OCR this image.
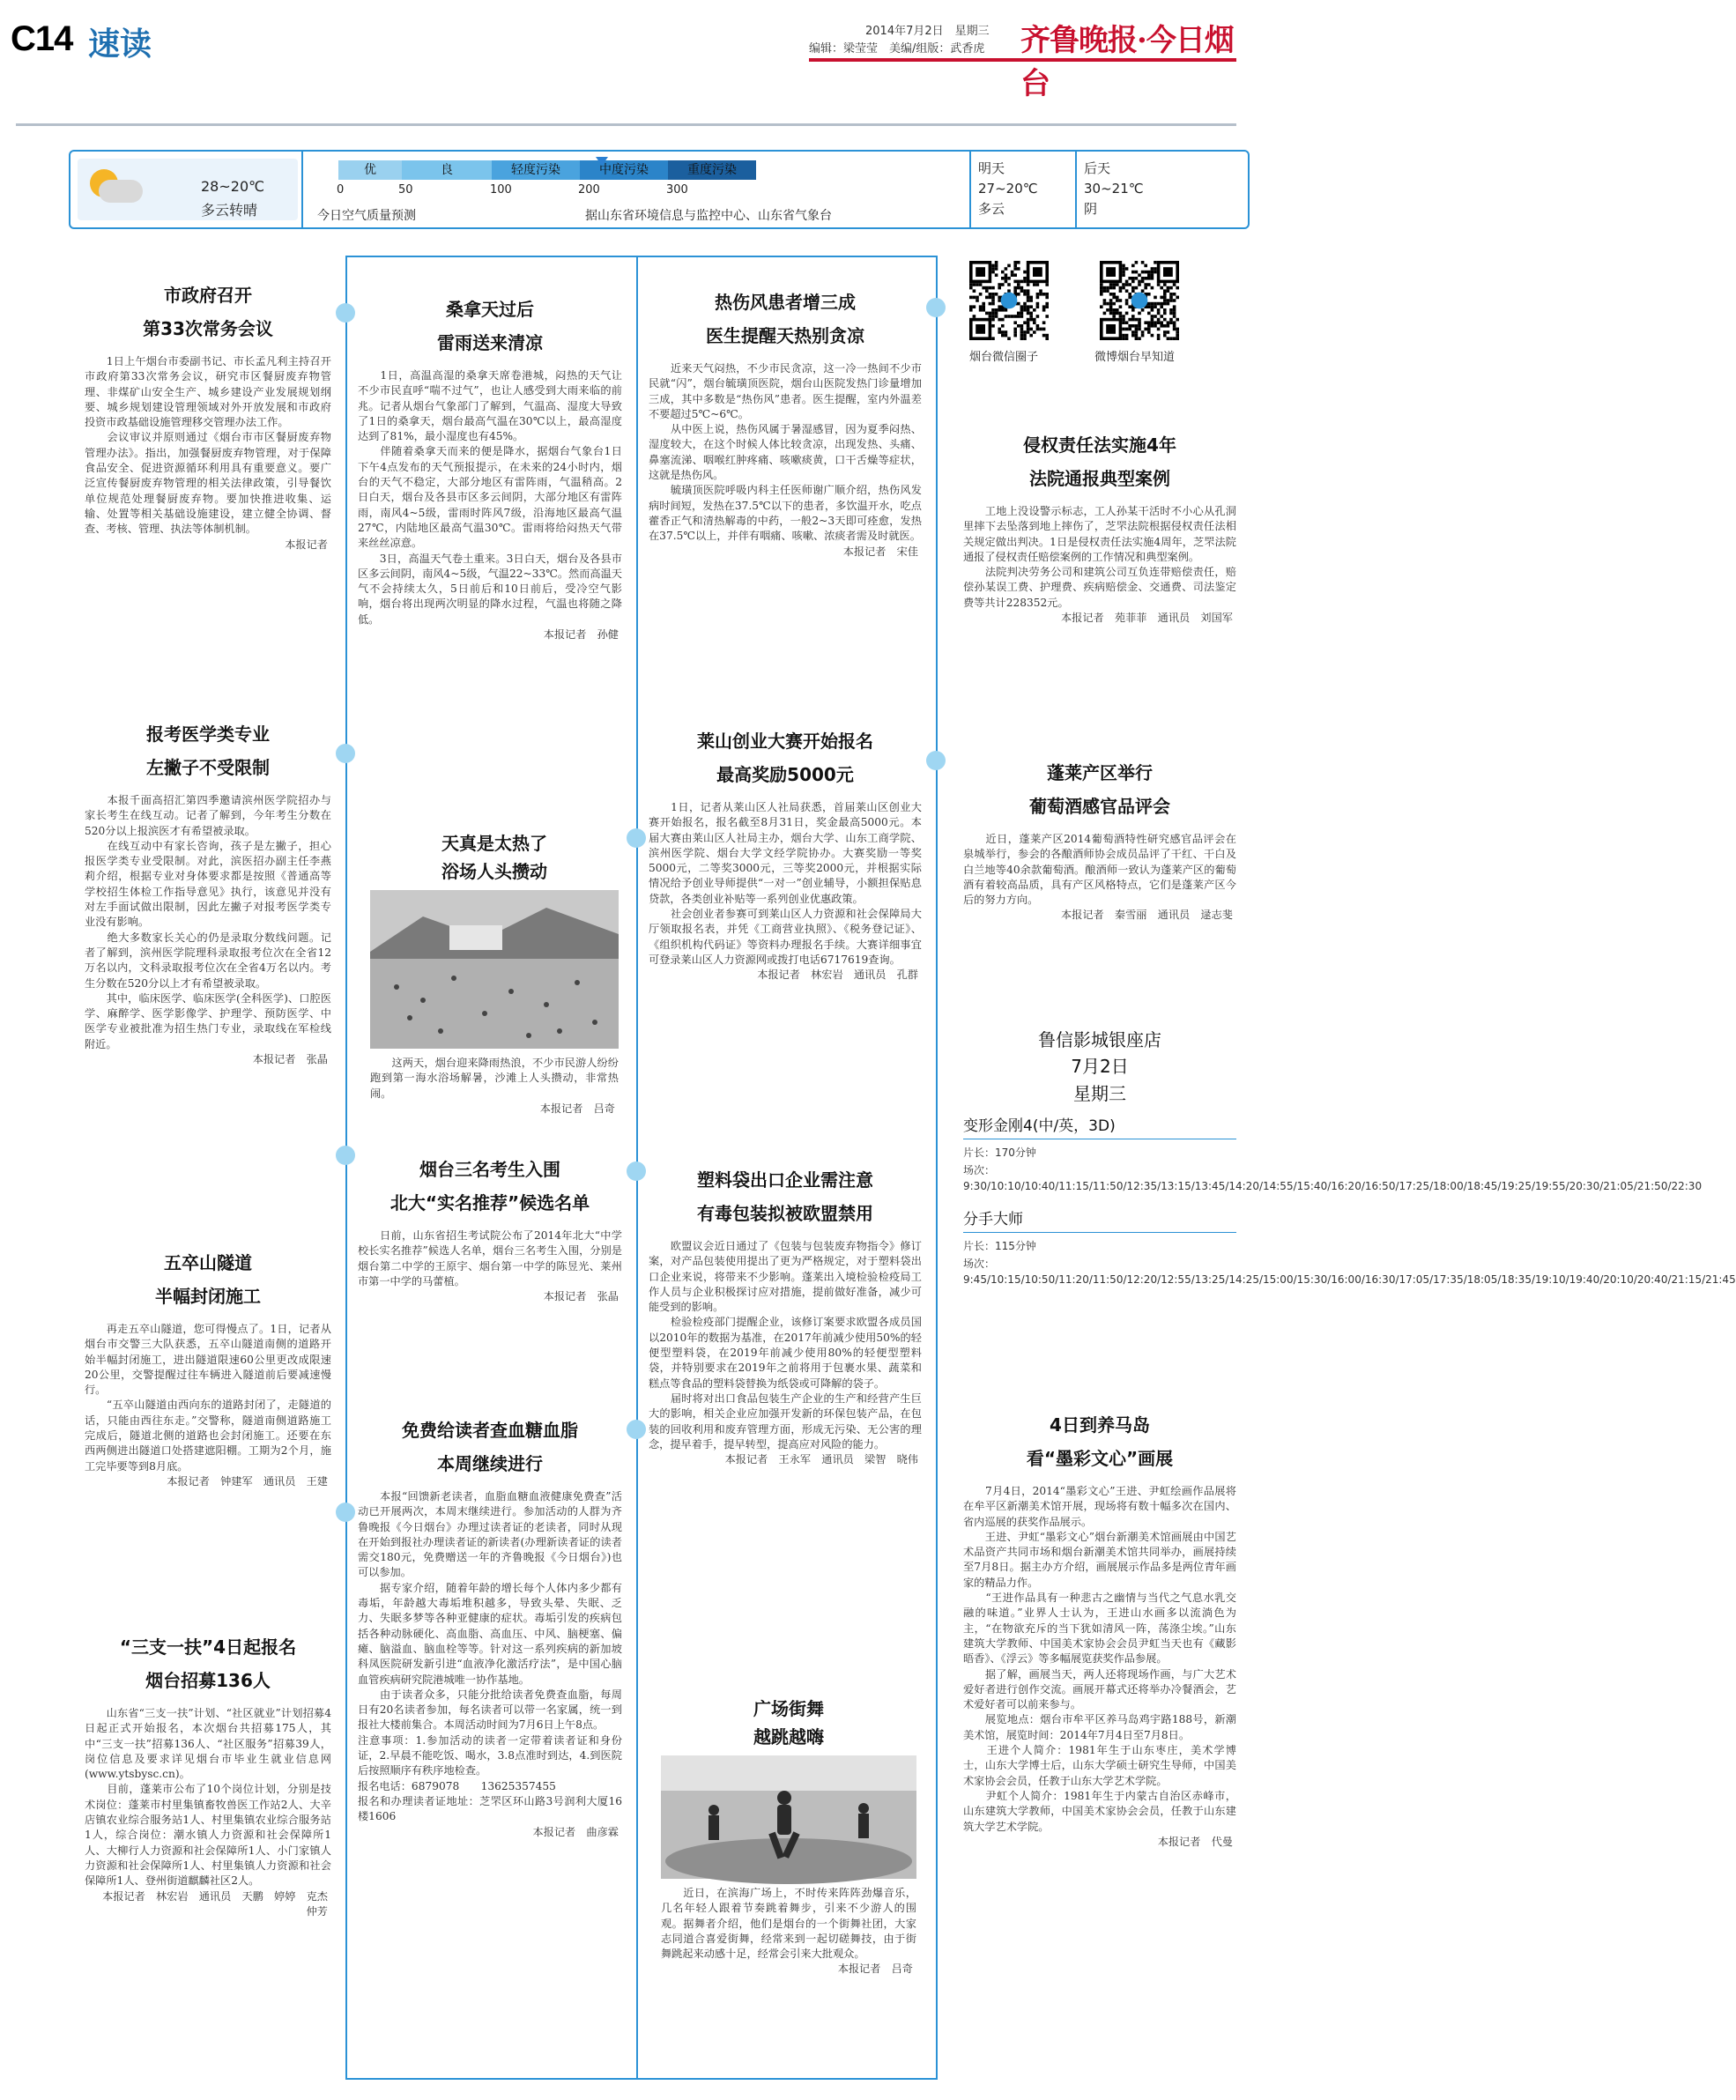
C14 速读	2014年7月2日　星期三
编辑：梁莹莹　美编/组版：武香虎 齐鲁晚报·今日烟台
28~20℃
多云转晴
优	良	轻度污染	中度污染	重度污染
0	50	100	200	300
今日空气质量预测	据山东省环境信息与监控中心、山东省气象台
明天
27~20℃
多云
后天
30~21℃
阴
市政府召开
第33次常务会议
　　1日上午烟台市委副书记、市长孟凡利主持召开市政府第33次常务会议，研究市区餐厨废弃物管理、非煤矿山安全生产、城乡建设产业发展规划纲要、城乡规划建设管理领域对外开放发展和市政府投资市政基础设施管理移交管理办法工作。
　　会议审议并原则通过《烟台市市区餐厨废弃物管理办法》。指出，加强餐厨废弃物管理，对于保障食品安全、促进资源循环利用具有重要意义。要广泛宣传餐厨废弃物管理的相关法律政策，引导餐饮单位规范处理餐厨废弃物。要加快推进收集、运输、处置等相关基础设施建设，建立健全协调、督查、考核、管理、执法等体制机制。
本报记者
报考医学类专业
左撇子不受限制
　　本报千面高招汇第四季邀请滨州医学院招办与家长考生在线互动。记者了解到，今年考生分数在520分以上报滨医才有希望被录取。
　　在线互动中有家长咨询，孩子是左撇子，担心报医学类专业受限制。对此，滨医招办副主任李燕莉介绍，根据专业对身体要求都是按照《普通高等学校招生体检工作指导意见》执行，该意见并没有对左手面试做出限制，因此左撇子对报考医学类专业没有影响。
　　绝大多数家长关心的仍是录取分数线问题。记者了解到，滨州医学院理科录取报考位次在全省12万名以内，文科录取报考位次在全省4万名以内。考生分数在520分以上才有希望被录取。
　　其中，临床医学、临床医学(全科医学)、口腔医学、麻醉学、医学影像学、护理学、预防医学、中医学专业被批准为招生热门专业，录取线在军检线附近。
本报记者　张晶
五卒山隧道
半幅封闭施工
　　再走五卒山隧道，您可得慢点了。1日，记者从烟台市交警三大队获悉，五卒山隧道南侧的道路开始半幅封闭施工，进出隧道限速60公里更改成限速20公里，交警提醒过往车辆进入隧道前后要减速慢行。
　　“五卒山隧道由西向东的道路封闭了，走隧道的话，只能由西往东走。”交警称，隧道南侧道路施工完成后，隧道北侧的道路也会封闭施工。还要在东西两侧进出隧道口处搭建遮阳棚。工期为2个月，施工完毕要等到8月底。
本报记者　钟建军　通讯员　王建
“三支一扶”4日起报名
烟台招募136人
　　山东省“三支一扶”计划、“社区就业”计划招募4日起正式开始报名，本次烟台共招募175人，其中“三支一扶”招募136人、“社区服务”招募39人，岗位信息及要求详见烟台市毕业生就业信息网(www.ytsbysc.cn)。
　　目前，蓬莱市公布了10个岗位计划，分别是技术岗位：蓬莱市村里集镇畜牧兽医工作站2人、大辛店镇农业综合服务站1人、村里集镇农业综合服务站1人，综合岗位：潮水镇人力资源和社会保障所1人、大柳行人力资源和社会保障所1人、小门家镇人力资源和社会保障所1人、村里集镇人力资源和社会保障所1人、登州街道麒麟社区2人。
本报记者　林宏岩　通讯员　天鹏　婷婷　克杰　仲芳
桑拿天过后
雷雨送来清凉
　　1日，高温高湿的桑拿天席卷港城，闷热的天气让不少市民直呼“喘不过气”，也让人感受到大雨来临的前兆。记者从烟台气象部门了解到，气温高、湿度大导致了1日的桑拿天，烟台最高气温在30℃以上，最高湿度达到了81%，最小湿度也有45%。
　　伴随着桑拿天而来的便是降水，据烟台气象台1日下午4点发布的天气预报提示，在未来的24小时内，烟台的天气不稳定，大部分地区有雷阵雨，气温稍高。2日白天，烟台及各县市区多云间阴，大部分地区有雷阵雨，南风4~5级，雷雨时阵风7级，沿海地区最高气温27℃，内陆地区最高气温30℃。雷雨将给闷热天气带来丝丝凉意。
　　3日，高温天气卷土重来。3日白天，烟台及各县市区多云间阴，南风4~5级，气温22~33℃。然而高温天气不会持续太久，5日前后和10日前后，受冷空气影响，烟台将出现两次明显的降水过程，气温也将随之降低。
本报记者　孙健
天真是太热了
浴场人头攒动
　　这两天，烟台迎来降雨热浪，不少市民游人纷纷跑到第一海水浴场解暑，沙滩上人头攒动，非常热闹。
本报记者　吕奇
烟台三名考生入围
北大“实名推荐”候选名单
　　日前，山东省招生考试院公布了2014年北大“中学校长实名推荐”候选人名单，烟台三名考生入围，分别是烟台第二中学的王原宇、烟台第一中学的陈昱光、莱州市第一中学的马蕾植。
本报记者　张晶
免费给读者查血糖血脂
本周继续进行
　　本报“回馈新老读者，血脂血糖血液健康免费查”活动已开展两次，本周末继续进行。参加活动的人群为齐鲁晚报《今日烟台》办理过读者证的老读者，同时从现在开始到报社办理读者证的新读者(办理新读者证的读者需交180元，免费赠送一年的齐鲁晚报《今日烟台》)也可以参加。
　　据专家介绍，随着年龄的增长每个人体内多少都有毒垢，年龄越大毒垢堆积越多，导致头晕、失眠、乏力、失眠多梦等各种亚健康的症状。毒垢引发的疾病包括各种动脉硬化、高血脂、高血压、中风、脑梗塞、偏瘫、脑溢血、脑血栓等等。针对这一系列疾病的新加坡科凤医院研发新引进“血液净化激活疗法”，是中国心脑血管疾病研究院港城唯一协作基地。
　　由于读者众多，只能分批给读者免费查血脂，每周日有20名读者参加，每名读者可以带一名家属，统一到报社大楼前集合。本周活动时间为7月6日上午8点。
注意事项：1.参加活动的读者一定带着读者证和身份证，2.早晨不能吃饭、喝水，3.8点准时到达，4.到医院后按照顺序有秩序地检查。
报名电话：6879078　　13625357455
报名和办理读者证地址：芝罘区环山路3号润利大厦16楼1606
本报记者　曲彦霖
热伤风患者增三成
医生提醒天热别贪凉
　　近来天气闷热，不少市民贪凉，这一冷一热间不少市民就“闪”，烟台毓璜顶医院，烟台山医院发热门诊量增加三成，其中多数是“热伤风”患者。医生提醒，室内外温差不要超过5℃~6℃。
　　从中医上说，热伤风属于暑湿感冒，因为夏季闷热、湿度较大，在这个时候人体比较贪凉，出现发热、头痛、鼻塞流涕、咽喉红肿疼痛、咳嗽痰黄，口干舌燥等症状，这就是热伤风。
　　毓璜顶医院呼吸内科主任医师谢广顺介绍，热伤风发病时间短，发热在37.5℃以下的患者，多饮温开水，吃点藿香正气和清热解毒的中药，一般2~3天即可痊愈，发热在37.5℃以上，并伴有咽痛、咳嗽、浓痰者需及时就医。
本报记者　宋佳
莱山创业大赛开始报名
最高奖励5000元
　　1日，记者从莱山区人社局获悉，首届莱山区创业大赛开始报名，报名截至8月31日，奖金最高5000元。本届大赛由莱山区人社局主办，烟台大学、山东工商学院、滨州医学院、烟台大学文经学院协办。大赛奖励一等奖5000元，二等奖3000元，三等奖2000元，并根据实际情况给予创业导师提供“一对一”创业辅导，小额担保贴息贷款，各类创业补贴等一系列创业优惠政策。
　　社会创业者参赛可到莱山区人力资源和社会保障局大厅领取报名表，并凭《工商营业执照》、《税务登记证》、《组织机构代码证》等资料办理报名手续。大赛详细事宜可登录莱山区人力资源网或拨打电话6717619查询。
本报记者　林宏岩　通讯员　孔群
塑料袋出口企业需注意
有毒包装拟被欧盟禁用
　　欧盟议会近日通过了《包装与包装废弃物指令》修订案，对产品包装使用提出了更为严格规定，对于塑料袋出口企业来说，将带来不少影响。蓬莱出入境检验检疫局工作人员与企业积极探讨应对措施，提前做好准备，减少可能受到的影响。
　　检验检疫部门提醒企业，该修订案要求欧盟各成员国以2010年的数据为基准，在2017年前减少使用50%的轻便型塑料袋，在2019年前减少使用80%的轻便型塑料袋，并特别要求在2019年之前将用于包裹水果、蔬菜和糕点等食品的塑料袋替换为纸袋或可降解的袋子。
　　届时将对出口食品包装生产企业的生产和经营产生巨大的影响，相关企业应加强开发新的环保包装产品，在包装的回收利用和废弃管理方面，形成无污染、无公害的理念，提早着手，提早转型，提高应对风险的能力。
本报记者　王永军　通讯员　梁智　晓伟
广场街舞
越跳越嗨
　　近日，在滨海广场上，不时传来阵阵劲爆音乐，几名年轻人跟着节奏跳着舞步，引来不少游人的围观。据舞者介绍，他们是烟台的一个街舞社团，大家志同道合喜爱街舞，经常来到一起切磋舞技，由于街舞跳起来动感十足，经常会引来大批观众。
本报记者　吕奇
烟台微信圈子	微博烟台早知道
侵权责任法实施4年
法院通报典型案例
　　工地上没设警示标志，工人孙某干活时不小心从孔洞里摔下去坠落到地上摔伤了，芝罘法院根据侵权责任法相关规定做出判决。1日是侵权责任法实施4周年，芝罘法院通报了侵权责任赔偿案例的工作情况和典型案例。
　　法院判决劳务公司和建筑公司互负连带赔偿责任，赔偿孙某误工费、护理费、疾病赔偿金、交通费、司法鉴定费等共计228352元。
本报记者　苑菲菲　通讯员　刘国军
蓬莱产区举行
葡萄酒感官品评会
　　近日，蓬莱产区2014葡萄酒特性研究感官品评会在泉城举行，参会的各酿酒师协会成员品评了干红、干白及白兰地等40余款葡萄酒。酿酒师一致认为蓬莱产区的葡萄酒有着较高品质，具有产区风格特点，它们是蓬莱产区今后的努力方向。
本报记者　秦雪丽　通讯员　逯志斐
鲁信影城银座店
7月2日
星期三
变形金刚4(中/英，3D)
片长：170分钟
场次：9:30/10:10/10:40/11:15/11:50/12:35/13:15/13:45/14:20/14:55/15:40/16:20/16:50/17:25/18:00/18:45/19:25/19:55/20:30/21:05/21:50/22:30
分手大师
片长：115分钟
场次：9:45/10:15/10:50/11:20/11:50/12:20/12:55/13:25/14:25/15:00/15:30/16:00/16:30/17:05/17:35/18:05/18:35/19:10/19:40/20:10/20:40/21:15/21:45
4日到养马岛
看“墨彩文心”画展
　　7月4日，2014“墨彩文心”王进、尹虹绘画作品展将在牟平区新潮美术馆开展，现场将有数十幅多次在国内、省内巡展的获奖作品展示。
　　王进、尹虹“墨彩文心”烟台新潮美术馆画展由中国艺术品资产共同市场和烟台新潮美术馆共同举办，画展持续至7月8日。据主办方介绍，画展展示作品多是两位青年画家的精品力作。
　　“王进作品具有一种悲古之幽情与当代之气息水乳交融的味道。”业界人士认为，王进山水画多以流淌色为主，“在物欲充斥的当下犹如清风一阵，荡涤尘埃。”山东建筑大学教师、中国美术家协会会员尹虹当天也有《藏影晤香》、《浮云》等多幅展览获奖作品参展。
　　据了解，画展当天，两人还将现场作画，与广大艺术爱好者进行创作交流。画展开幕式还将举办冷餐酒会，艺术爱好者可以前来参与。
　　展览地点：烟台市牟平区养马岛鸡宇路188号，新潮美术馆，展览时间：2014年7月4日至7月8日。
　　王进个人简介：1981年生于山东枣庄，美术学博士，山东大学博士后，山东大学硕士研究生导师，中国美术家协会会员，任教于山东大学艺术学院。
　　尹虹个人简介：1981年生于内蒙古自治区赤峰市，山东建筑大学教师，中国美术家协会会员，任教于山东建筑大学艺术学院。
本报记者　代曼
